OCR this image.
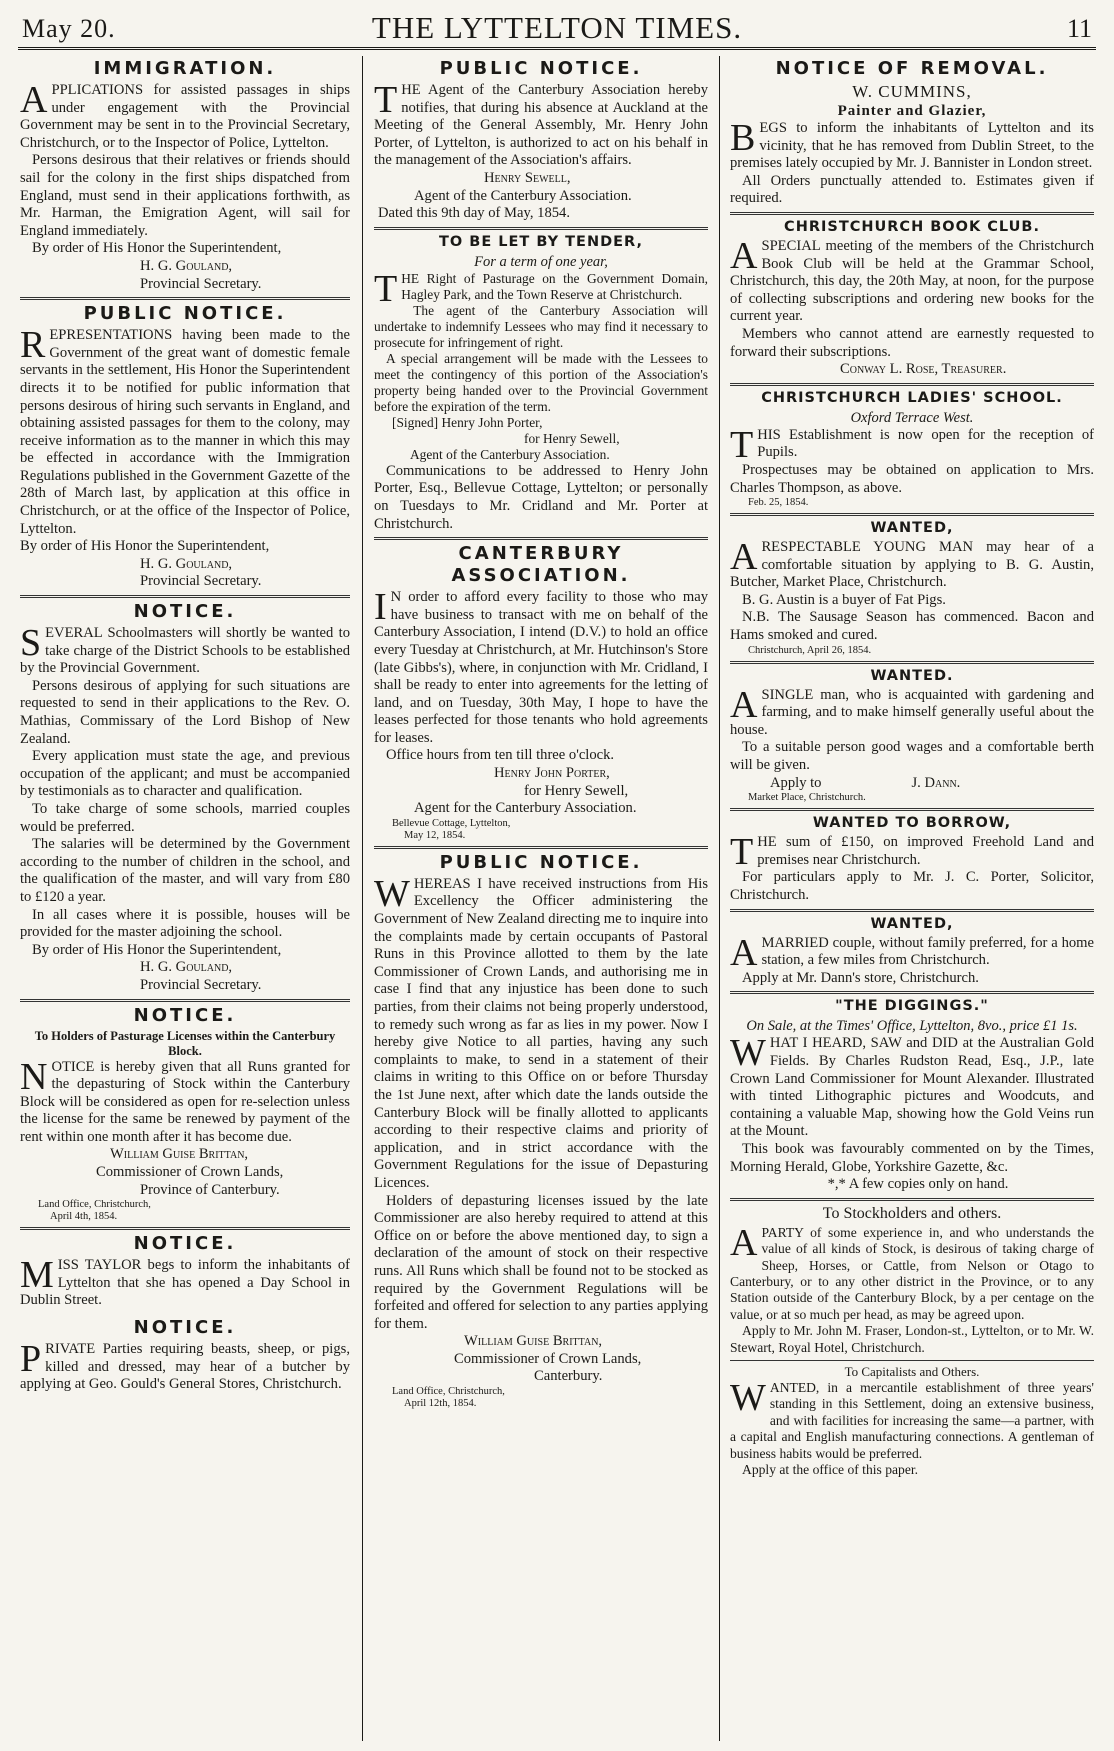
May 20.	THE LYTTELTON TIMES.	11
IMMIGRATION.

APPLICATIONS for assisted passages in ships under engagement with the Provincial Government may be sent in to the Provincial Secretary, Christchurch, or to the Inspector of Police, Lyttelton.

Persons desirous that their relatives or friends should sail for the colony in the first ships dispatched from England, must send in their applications forthwith, as Mr. Harman, the Emigration Agent, will sail for England immediately.

By order of His Honor the Superintendent,

H. G. Gouland,
Provincial Secretary.
PUBLIC NOTICE.

REPRESENTATIONS having been made to the Government of the great want of domestic female servants in the settlement, His Honor the Superintendent directs it to be notified for public information that persons desirous of hiring such servants in England, and obtaining assisted passages for them to the colony, may receive information as to the manner in which this may be effected in accordance with the Immigration Regulations published in the Government Gazette of the 28th of March last, by application at this office in Christchurch, or at the office of the Inspector of Police, Lyttelton.

By order of His Honor the Superintendent,

H. G. Gouland,
Provincial Secretary.
NOTICE.

SEVERAL Schoolmasters will shortly be wanted to take charge of the District Schools to be established by the Provincial Government.

Persons desirous of applying for such situations are requested to send in their applications to the Rev. O. Mathias, Commissary of the Lord Bishop of New Zealand.

Every application must state the age, and previous occupation of the applicant; and must be accompanied by testimonials as to character and qualification.

To take charge of some schools, married couples would be preferred.

The salaries will be determined by the Government according to the number of children in the school, and the qualification of the master, and will vary from £80 to £120 a year.

In all cases where it is possible, houses will be provided for the master adjoining the school.

By order of His Honor the Superintendent,

H. G. Gouland,
Provincial Secretary.
NOTICE.
To Holders of Pasturage Licenses within the Canterbury Block.

NOTICE is hereby given that all Runs granted for the depasturing of Stock within the Canterbury Block will be considered as open for re-selection unless the license for the same be renewed by payment of the rent within one month after it has become due.

William Guise Brittan,
Commissioner of Crown Lands,
Province of Canterbury.
Land Office, Christchurch,
April 4th, 1854.
NOTICE.

MISS TAYLOR begs to inform the inhabitants of Lyttelton that she has opened a Day School in Dublin Street.

NOTICE.

PRIVATE Parties requiring beasts, sheep, or pigs, killed and dressed, may hear of a butcher by applying at Geo. Gould's General Stores, Christchurch.

PUBLIC NOTICE.

THE Agent of the Canterbury Association hereby notifies, that during his absence at Auckland at the Meeting of the General Assembly, Mr. Henry John Porter, of Lyttelton, is authorized to act on his behalf in the management of the Association's affairs.

Henry Sewell,
Agent of the Canterbury Association.
Dated this 9th day of May, 1854.
TO BE LET BY TENDER,
For a term of one year,

THE Right of Pasturage on the Government Domain, Hagley Park, and the Town Reserve at Christchurch.

The agent of the Canterbury Association will undertake to indemnify Lessees who may find it necessary to prosecute for infringement of right.

A special arrangement will be made with the Lessees to meet the contingency of this portion of the Association's property being handed over to the Provincial Government before the expiration of the term.

[Signed] Henry John Porter,
for Henry Sewell,
Agent of the Canterbury Association.

Communications to be addressed to Henry John Porter, Esq., Bellevue Cottage, Lyttelton; or personally on Tuesdays to Mr. Cridland and Mr. Porter at Christchurch.

CANTERBURY ASSOCIATION.

I N order to afford every facility to those who may have business to transact with me on behalf of the Canterbury Association, I intend (D.V.) to hold an office every Tuesday at Christchurch, at Mr. Hutchinson's Store (late Gibbs's), where, in conjunction with Mr. Cridland, I shall be ready to enter into agreements for the letting of land, and on Tuesday, 30th May, I hope to have the leases perfected for those tenants who hold agreements for leases.

Office hours from ten till three o'clock.

Henry John Porter,
for Henry Sewell,
Agent for the Canterbury Association.
Bellevue Cottage, Lyttelton,
May 12, 1854.
PUBLIC NOTICE.

WHEREAS I have received instructions from His Excellency the Officer administering the Government of New Zealand directing me to inquire into the complaints made by certain occupants of Pastoral Runs in this Province allotted to them by the late Commissioner of Crown Lands, and authorising me in case I find that any injustice has been done to such parties, from their claims not being properly understood, to remedy such wrong as far as lies in my power. Now I hereby give Notice to all parties, having any such complaints to make, to send in a statement of their claims in writing to this Office on or before Thursday the 1st June next, after which date the lands outside the Canterbury Block will be finally allotted to applicants according to their respective claims and priority of application, and in strict accordance with the Government Regulations for the issue of Depasturing Licences.

Holders of depasturing licenses issued by the late Commissioner are also hereby required to attend at this Office on or before the above mentioned day, to sign a declaration of the amount of stock on their respective runs. All Runs which shall be found not to be stocked as required by the Government Regulations will be forfeited and offered for selection to any parties applying for them.

William Guise Brittan,
Commissioner of Crown Lands,
Canterbury.
Land Office, Christchurch,
April 12th, 1854.
NOTICE OF REMOVAL.
W. CUMMINS,
Painter and Glazier,

BEGS to inform the inhabitants of Lyttelton and its vicinity, that he has removed from Dublin Street, to the premises lately occupied by Mr. J. Bannister in London street.

All Orders punctually attended to. Estimates given if required.

CHRISTCHURCH BOOK CLUB.

ASPECIAL meeting of the members of the Christchurch Book Club will be held at the Grammar School, Christchurch, this day, the 20th May, at noon, for the purpose of collecting subscriptions and ordering new books for the current year.

Members who cannot attend are earnestly requested to forward their subscriptions.

Conway L. Rose, Treasurer.
CHRISTCHURCH LADIES' SCHOOL.
Oxford Terrace West.

THIS Establishment is now open for the reception of Pupils.

Prospectuses may be obtained on application to Mrs. Charles Thompson, as above.

Feb. 25, 1854.
WANTED,

ARESPECTABLE YOUNG MAN may hear of a comfortable situation by applying to B. G. Austin, Butcher, Market Place, Christchurch.

B. G. Austin is a buyer of Fat Pigs.

N.B. The Sausage Season has commenced. Bacon and Hams smoked and cured.

Christchurch, April 26, 1854.
WANTED.

ASINGLE man, who is acquainted with gardening and farming, and to make himself generally useful about the house.

To a suitable person good wages and a comfortable berth will be given.

Apply to	J. Dann.
Market Place, Christchurch.
WANTED TO BORROW,

THE sum of £150, on improved Freehold Land and premises near Christchurch.

For particulars apply to Mr. J. C. Porter, Solicitor, Christchurch.

WANTED,

AMARRIED couple, without family preferred, for a home station, a few miles from Christchurch.

Apply at Mr. Dann's store, Christchurch.

"THE DIGGINGS."
On Sale, at the Times' Office, Lyttelton, 8vo., price £1 1s.

WHAT I HEARD, SAW and DID at the Australian Gold Fields. By Charles Rudston Read, Esq., J.P., late Crown Land Commissioner for Mount Alexander. Illustrated with tinted Lithographic pictures and Woodcuts, and containing a valuable Map, showing how the Gold Veins run at the Mount.

This book was favourably commented on by the Times, Morning Herald, Globe, Yorkshire Gazette, &c.

*,* A few copies only on hand.

To Stockholders and others.

APARTY of some experience in, and who understands the value of all kinds of Stock, is desirous of taking charge of Sheep, Horses, or Cattle, from Nelson or Otago to Canterbury, or to any other district in the Province, or to any Station outside of the Canterbury Block, by a per centage on the value, or at so much per head, as may be agreed upon.

Apply to Mr. John M. Fraser, London-st., Lyttelton, or to Mr. W. Stewart, Royal Hotel, Christchurch.

To Capitalists and Others.

WANTED, in a mercantile establishment of three years' standing in this Settlement, doing an extensive business, and with facilities for increasing the same—a partner, with a capital and English manufacturing connections. A gentleman of business habits would be preferred.

Apply at the office of this paper.
